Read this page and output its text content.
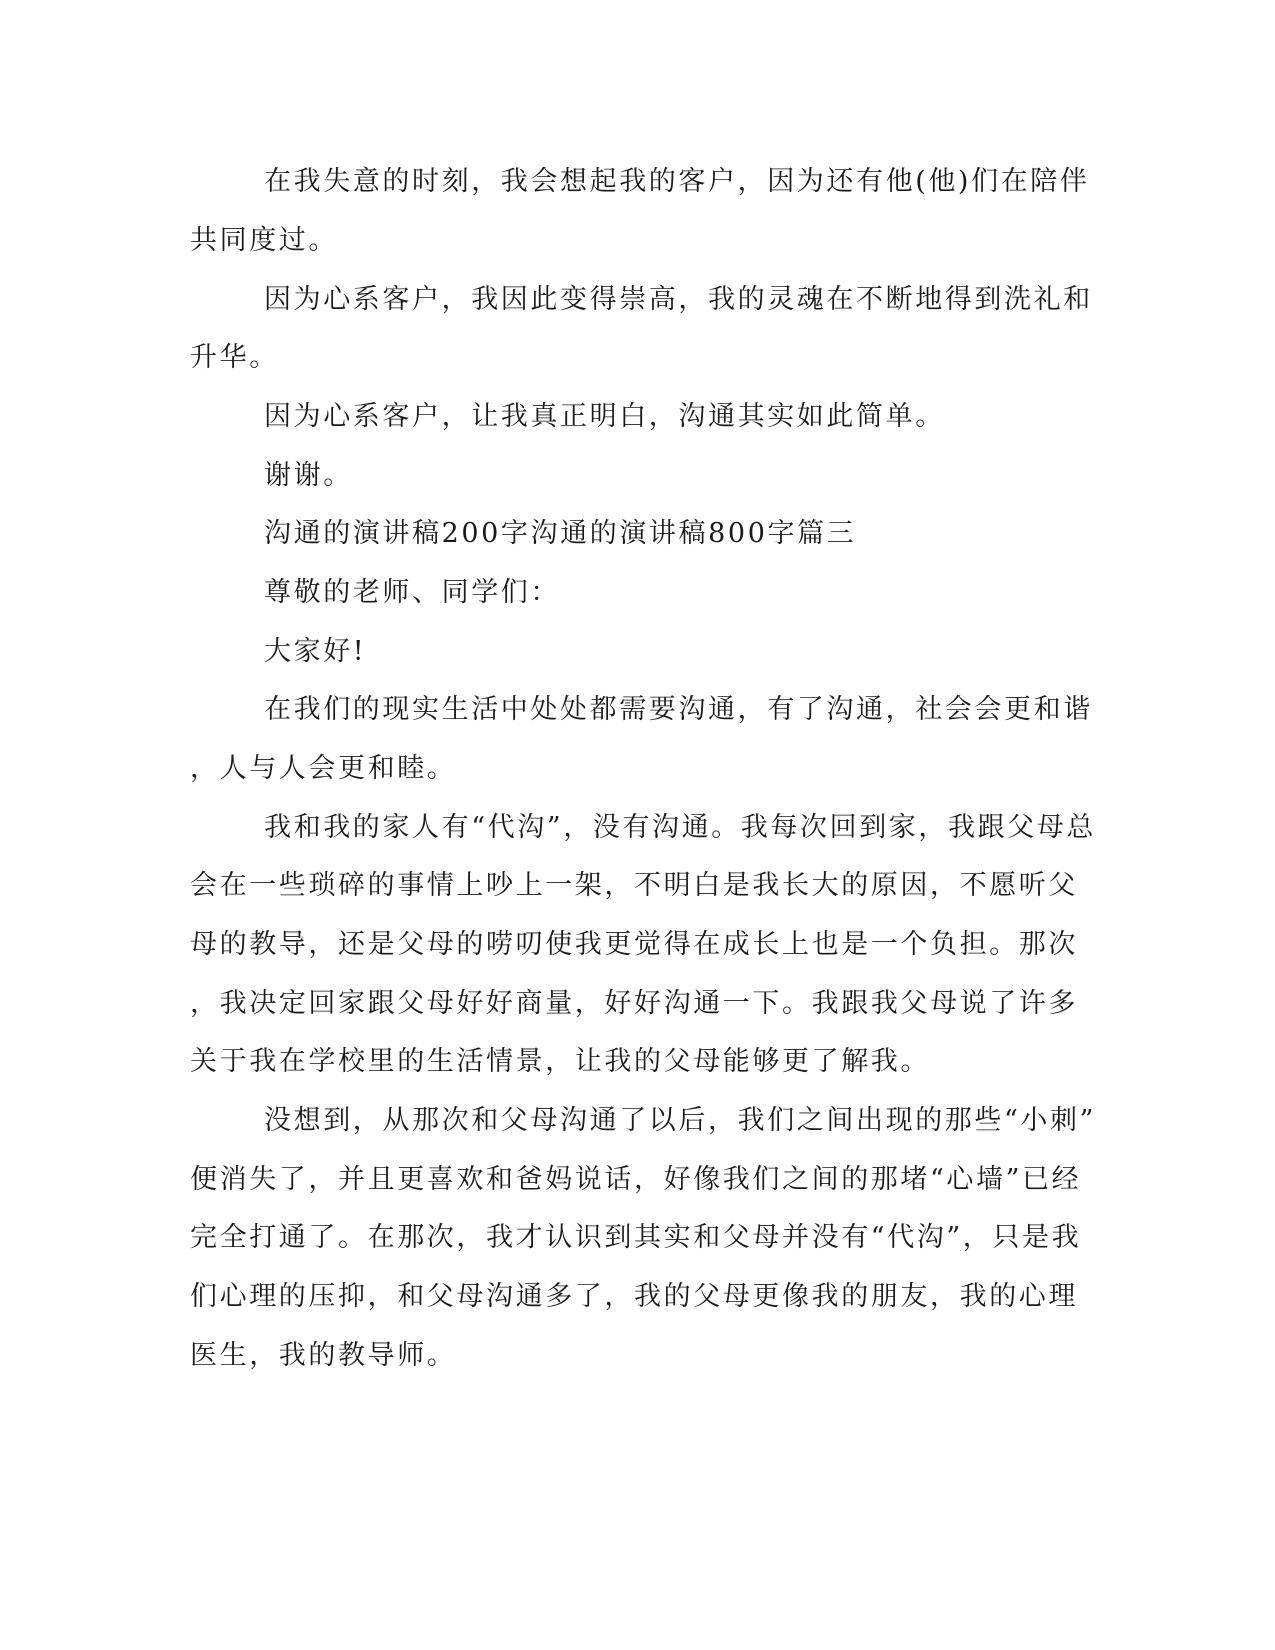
在我失意的时刻，我会想起我的客户，因为还有他(他)们在陪伴
共同度过。
因为心系客户，我因此变得崇高，我的灵魂在不断地得到洗礼和
升华。
因为心系客户，让我真正明白，沟通其实如此简单。
谢谢。
沟通的演讲稿200字沟通的演讲稿800字篇三
尊敬的老师、同学们：
大家好!
在我们的现实生活中处处都需要沟通，有了沟通，社会会更和谐
，人与人会更和睦。
我和我的家人有“代沟”，没有沟通。我每次回到家，我跟父母总
会在一些琐碎的事情上吵上一架，不明白是我长大的原因，不愿听父
母的教导，还是父母的唠叨使我更觉得在成长上也是一个负担。那次
，我决定回家跟父母好好商量，好好沟通一下。我跟我父母说了许多
关于我在学校里的生活情景，让我的父母能够更了解我。
没想到，从那次和父母沟通了以后，我们之间出现的那些“小刺”
便消失了，并且更喜欢和爸妈说话，好像我们之间的那堵“心墙”已经
完全打通了。在那次，我才认识到其实和父母并没有“代沟”，只是我
们心理的压抑，和父母沟通多了，我的父母更像我的朋友，我的心理
医生，我的教导师。
